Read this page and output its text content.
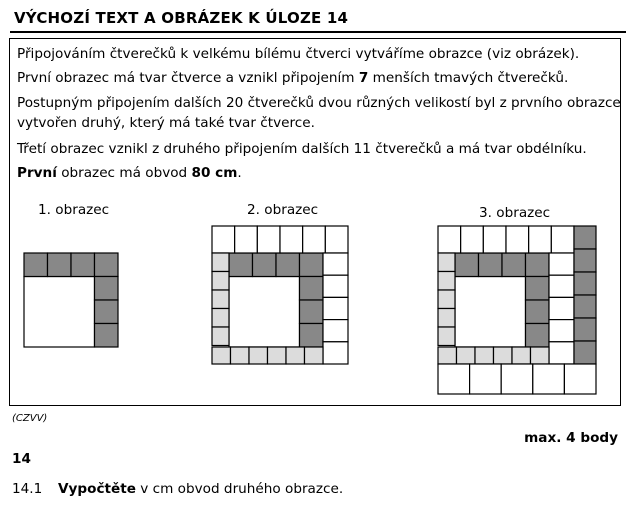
VÝCHOZÍ TEXT A OBRÁZEK K ÚLOZE 14
Připojováním čtverečků k velkému bílému čtverci vytváříme obrazce (viz obrázek).
První obrazec má tvar čtverce a vznikl připojením 7 menších tmavých čtverečků.
Postupným připojením dalších 20 čtverečků dvou různých velikostí byl z prvního obrazce
vytvořen druhý, který má také tvar čtverce.
Třetí obrazec vznikl z druhého připojením dalších 11 čtverečků a má tvar obdélníku.
První obrazec má obvod 80 cm.
1. obrazec	2. obrazec	3. obrazec
(CZVV)
max. 4 body
14
14.1 Vypočtěte v cm obvod druhého obrazce.
